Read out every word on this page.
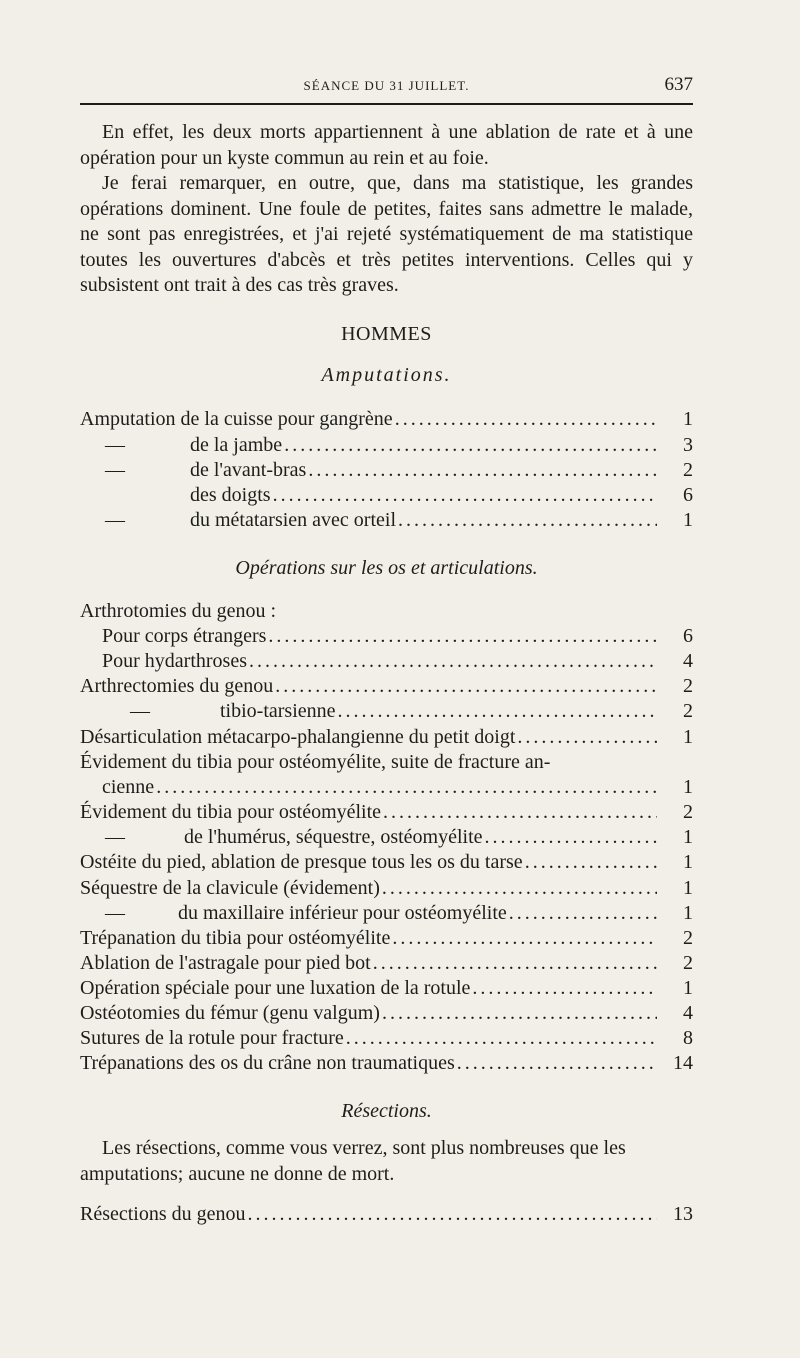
SÉANCE DU 31 JUILLET.	637

En effet, les deux morts appartiennent à une ablation de rate et à une opération pour un kyste commun au rein et au foie.

Je ferai remarquer, en outre, que, dans ma statistique, les grandes opérations dominent. Une foule de petites, faites sans admettre le malade, ne sont pas enregistrées, et j'ai rejeté systématiquement de ma statistique toutes les ouvertures d'abcès et très petites interventions. Celles qui y subsistent ont trait à des cas très graves.

HOMMES
Amputations.
Amputation de la cuisse pour gangrène .....	1
—	de la jambe .....	3
—	de l'avant-bras .....	2
des doigts .....	6
—	du métatarsien avec orteil .....	1
Opérations sur les os et articulations.
Arthrotomies du genou :
Pour corps étrangers .....	6
Pour hydarthroses .....	4
Arthrectomies du genou .....	2
—	tibio-tarsienne .....	2
Désarticulation métacarpo-phalangienne du petit doigt .....	1
Évidement du tibia pour ostéomyélite, suite de fracture an-
cienne .....	1
Évidement du tibia pour ostéomyélite .....	2
—	de l'humérus, séquestre, ostéomyélite .....	1
Ostéite du pied, ablation de presque tous les os du tarse .....	1
Séquestre de la clavicule (évidement) .....	1
—	du maxillaire inférieur pour ostéomyélite .....	1
Trépanation du tibia pour ostéomyélite .....	2
Ablation de l'astragale pour pied bot .....	2
Opération spéciale pour une luxation de la rotule .....	1
Ostéotomies du fémur (genu valgum) .....	4
Sutures de la rotule pour fracture .....	8
Trépanations des os du crâne non traumatiques .....	14
Résections.

Les résections, comme vous verrez, sont plus nombreuses que les amputations; aucune ne donne de mort.

Résections du genou .....	13
